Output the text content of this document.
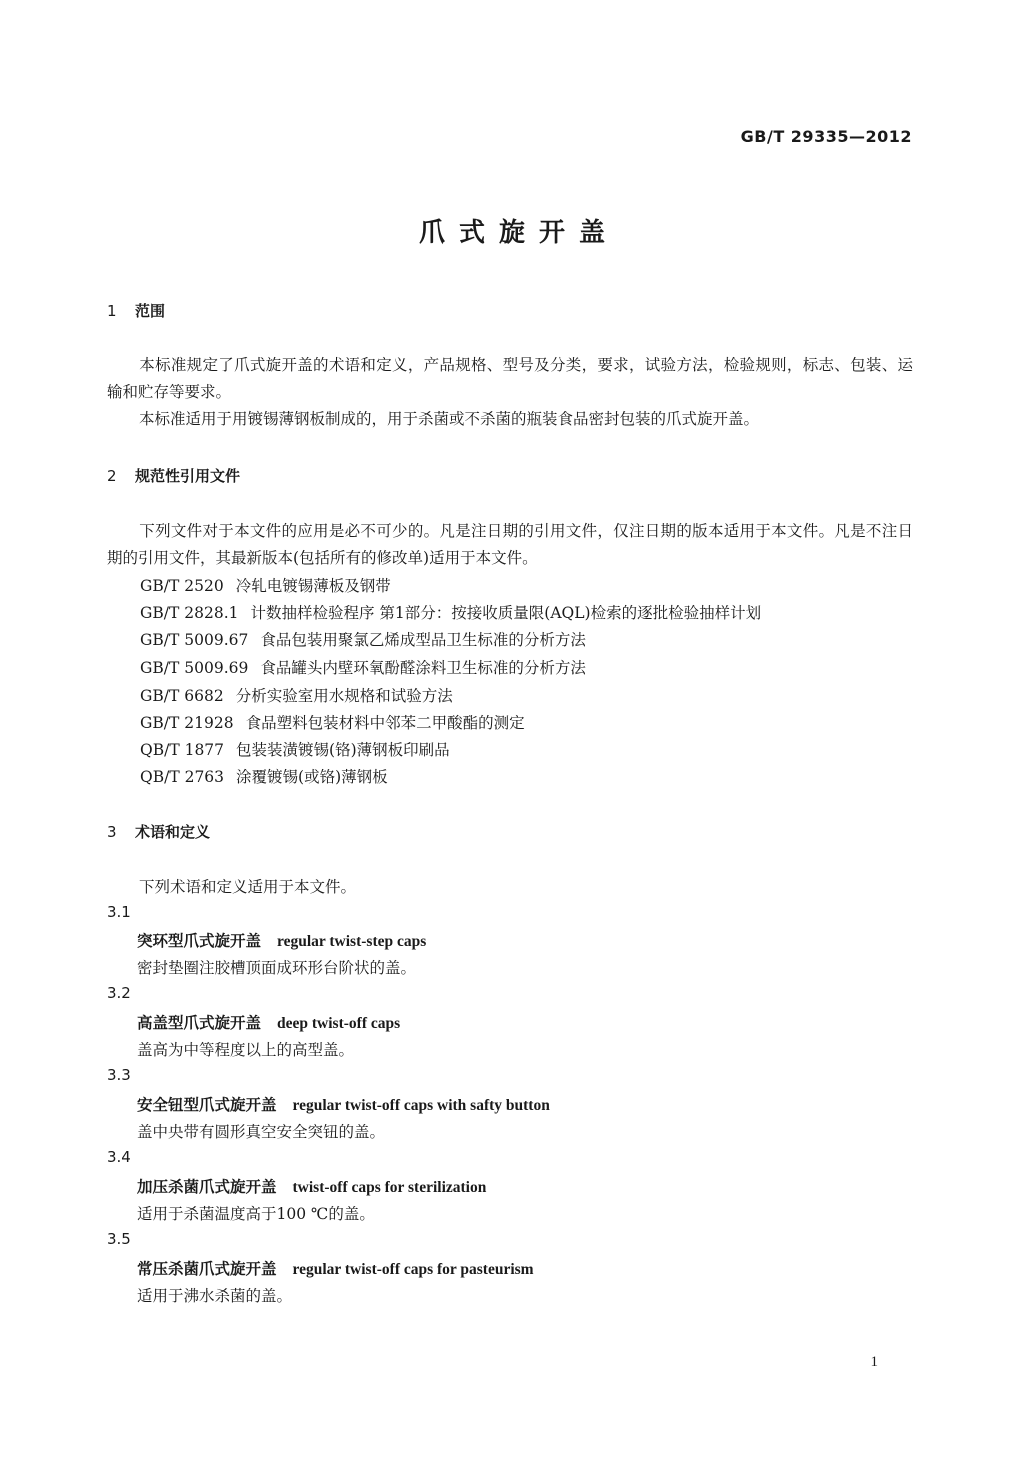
GB/T 29335—2012
爪式旋开盖
1 范围
本标准规定了爪式旋开盖的术语和定义，产品规格、型号及分类，要求，试验方法，检验规则，标志、包装、运输和贮存等要求。
本标准适用于用镀锡薄钢板制成的，用于杀菌或不杀菌的瓶装食品密封包装的爪式旋开盖。
2 规范性引用文件
下列文件对于本文件的应用是必不可少的。凡是注日期的引用文件，仅注日期的版本适用于本文件。凡是不注日期的引用文件，其最新版本(包括所有的修改单)适用于本文件。
GB/T 2520 冷轧电镀锡薄板及钢带
GB/T 2828.1 计数抽样检验程序 第1部分：按接收质量限(AQL)检索的逐批检验抽样计划
GB/T 5009.67 食品包装用聚氯乙烯成型品卫生标准的分析方法
GB/T 5009.69 食品罐头内壁环氧酚醛涂料卫生标准的分析方法
GB/T 6682 分析实验室用水规格和试验方法
GB/T 21928 食品塑料包装材料中邻苯二甲酸酯的测定
QB/T 1877 包装装潢镀锡(铬)薄钢板印刷品
QB/T 2763 涂覆镀锡(或铬)薄钢板
3 术语和定义
下列术语和定义适用于本文件。
3.1
突环型爪式旋开盖 regular twist-step caps
密封垫圈注胶槽顶面成环形台阶状的盖。
3.2
高盖型爪式旋开盖 deep twist-off caps
盖高为中等程度以上的高型盖。
3.3
安全钮型爪式旋开盖 regular twist-off caps with safty button
盖中央带有圆形真空安全突钮的盖。
3.4
加压杀菌爪式旋开盖 twist-off caps for sterilization
适用于杀菌温度高于100 ℃的盖。
3.5
常压杀菌爪式旋开盖 regular twist-off caps for pasteurism
适用于沸水杀菌的盖。
1
